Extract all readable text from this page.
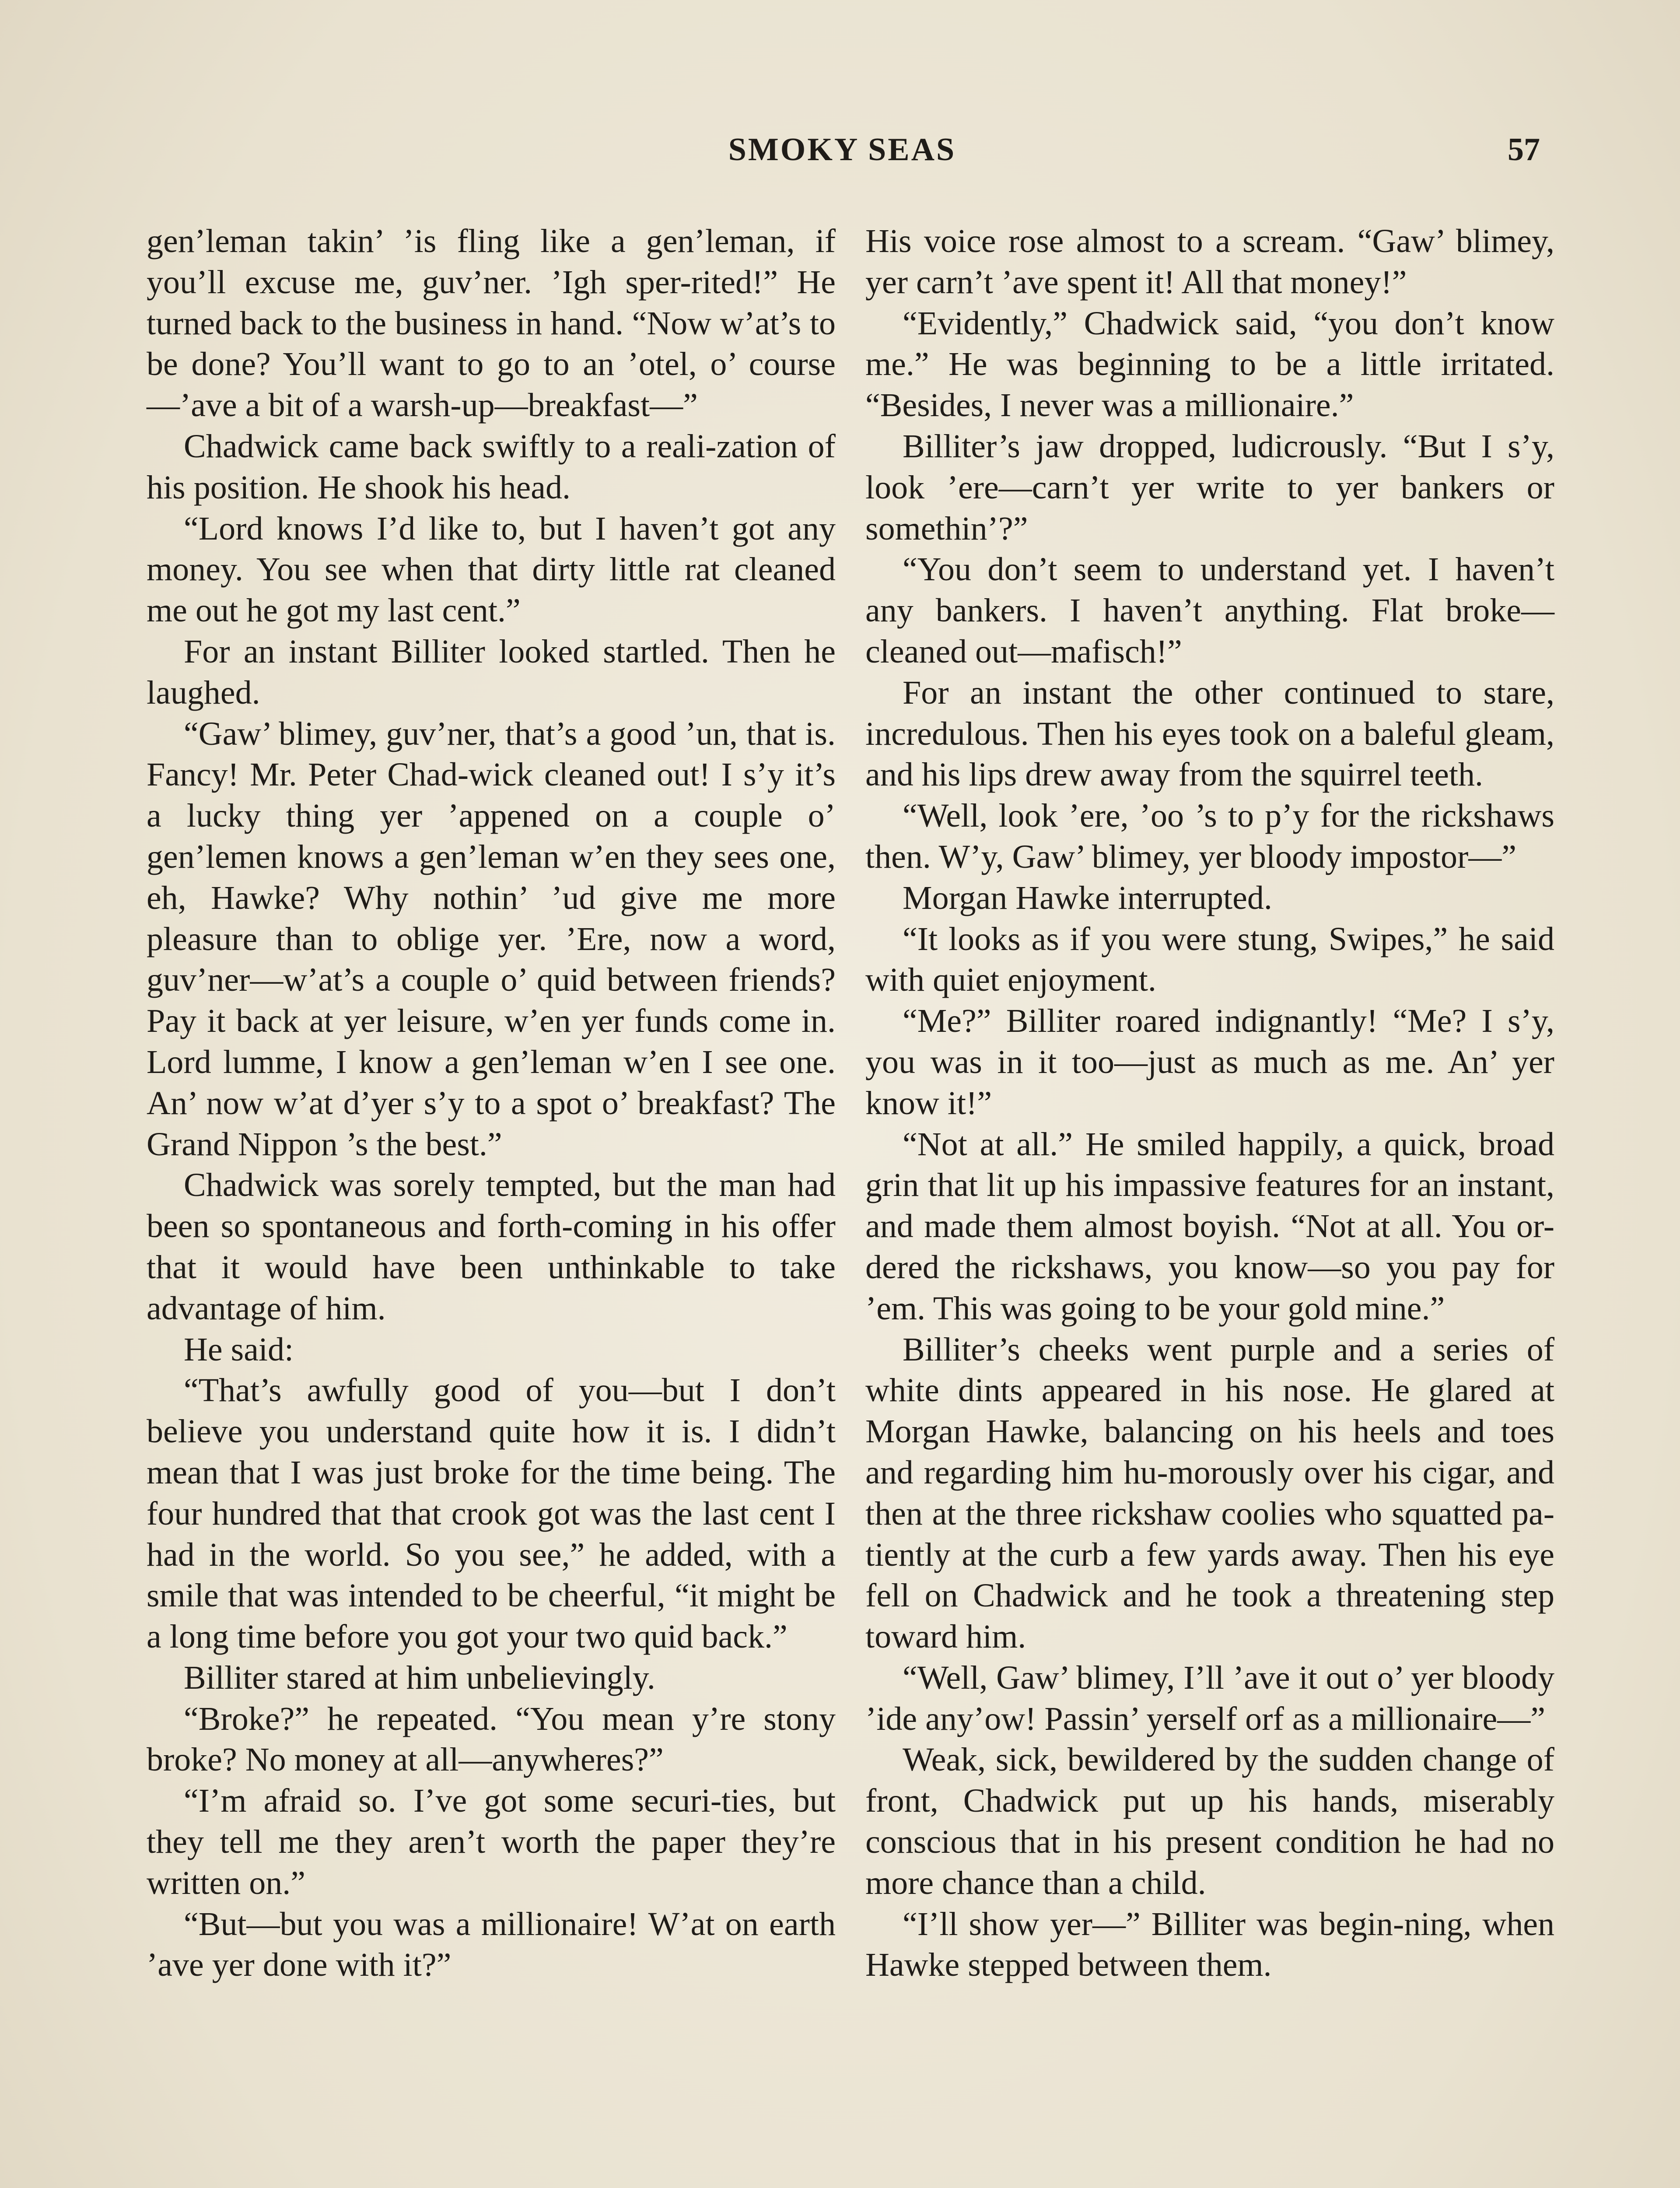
SMOKY SEAS	57

gen’leman takin’ ’is fling like a gen’leman, if you’ll excuse me, guv’ner. ’Igh sper-rited!” He turned back to the business in hand. “Now w’at’s to be done? You’ll want to go to an ’otel, o’ course—’ave a bit of a warsh-up—breakfast—”

Chadwick came back swiftly to a reali-zation of his position. He shook his head.

“Lord knows I’d like to, but I haven’t got any money. You see when that dirty little rat cleaned me out he got my last cent.”

For an instant Billiter looked startled. Then he laughed.

“Gaw’ blimey, guv’ner, that’s a good ’un, that is. Fancy! Mr. Peter Chad-wick cleaned out! I s’y it’s a lucky thing yer ’appened on a couple o’ gen’lemen knows a gen’leman w’en they sees one, eh, Hawke? Why nothin’ ’ud give me more pleasure than to oblige yer. ’Ere, now a word, guv’ner—w’at’s a couple o’ quid between friends? Pay it back at yer leisure, w’en yer funds come in. Lord lumme, I know a gen’leman w’en I see one. An’ now w’at d’yer s’y to a spot o’ breakfast? The Grand Nippon ’s the best.”

Chadwick was sorely tempted, but the man had been so spontaneous and forth-coming in his offer that it would have been unthinkable to take advantage of him.

He said:

“That’s awfully good of you—but I don’t believe you understand quite how it is. I didn’t mean that I was just broke for the time being. The four hundred that that crook got was the last cent I had in the world. So you see,” he added, with a smile that was intended to be cheerful, “it might be a long time before you got your two quid back.”

Billiter stared at him unbelievingly.

“Broke?” he repeated. “You mean y’re stony broke? No money at all—anywheres?”

“I’m afraid so. I’ve got some securi-ties, but they tell me they aren’t worth the paper they’re written on.”

“But—but you was a millionaire! W’at on earth ’ave yer done with it?”

His voice rose almost to a scream. “Gaw’ blimey, yer carn’t ’ave spent it! All that money!”

“Evidently,” Chadwick said, “you don’t know me.” He was beginning to be a little irritated. “Besides, I never was a millionaire.”

Billiter’s jaw dropped, ludicrously. “But I s’y, look ’ere—carn’t yer write to yer bankers or somethin’?”

“You don’t seem to understand yet. I haven’t any bankers. I haven’t anything. Flat broke—cleaned out—mafisch!”

For an instant the other continued to stare, incredulous. Then his eyes took on a baleful gleam, and his lips drew away from the squirrel teeth.

“Well, look ’ere, ’oo ’s to p’y for the rickshaws then. W’y, Gaw’ blimey, yer bloody impostor—”

Morgan Hawke interrupted.

“It looks as if you were stung, Swipes,” he said with quiet enjoyment.

“Me?” Billiter roared indignantly! “Me? I s’y, you was in it too—just as much as me. An’ yer know it!”

“Not at all.” He smiled happily, a quick, broad grin that lit up his impassive features for an instant, and made them almost boyish. “Not at all. You or-dered the rickshaws, you know—so you pay for ’em. This was going to be your gold mine.”

Billiter’s cheeks went purple and a series of white dints appeared in his nose. He glared at Morgan Hawke, balancing on his heels and toes and regarding him hu-morously over his cigar, and then at the three rickshaw coolies who squatted pa-tiently at the curb a few yards away. Then his eye fell on Chadwick and he took a threatening step toward him.

“Well, Gaw’ blimey, I’ll ’ave it out o’ yer bloody ’ide any’ow! Passin’ yerself orf as a millionaire—”

Weak, sick, bewildered by the sudden change of front, Chadwick put up his hands, miserably conscious that in his present condition he had no more chance than a child.

“I’ll show yer—” Billiter was begin-ning, when Hawke stepped between them.
